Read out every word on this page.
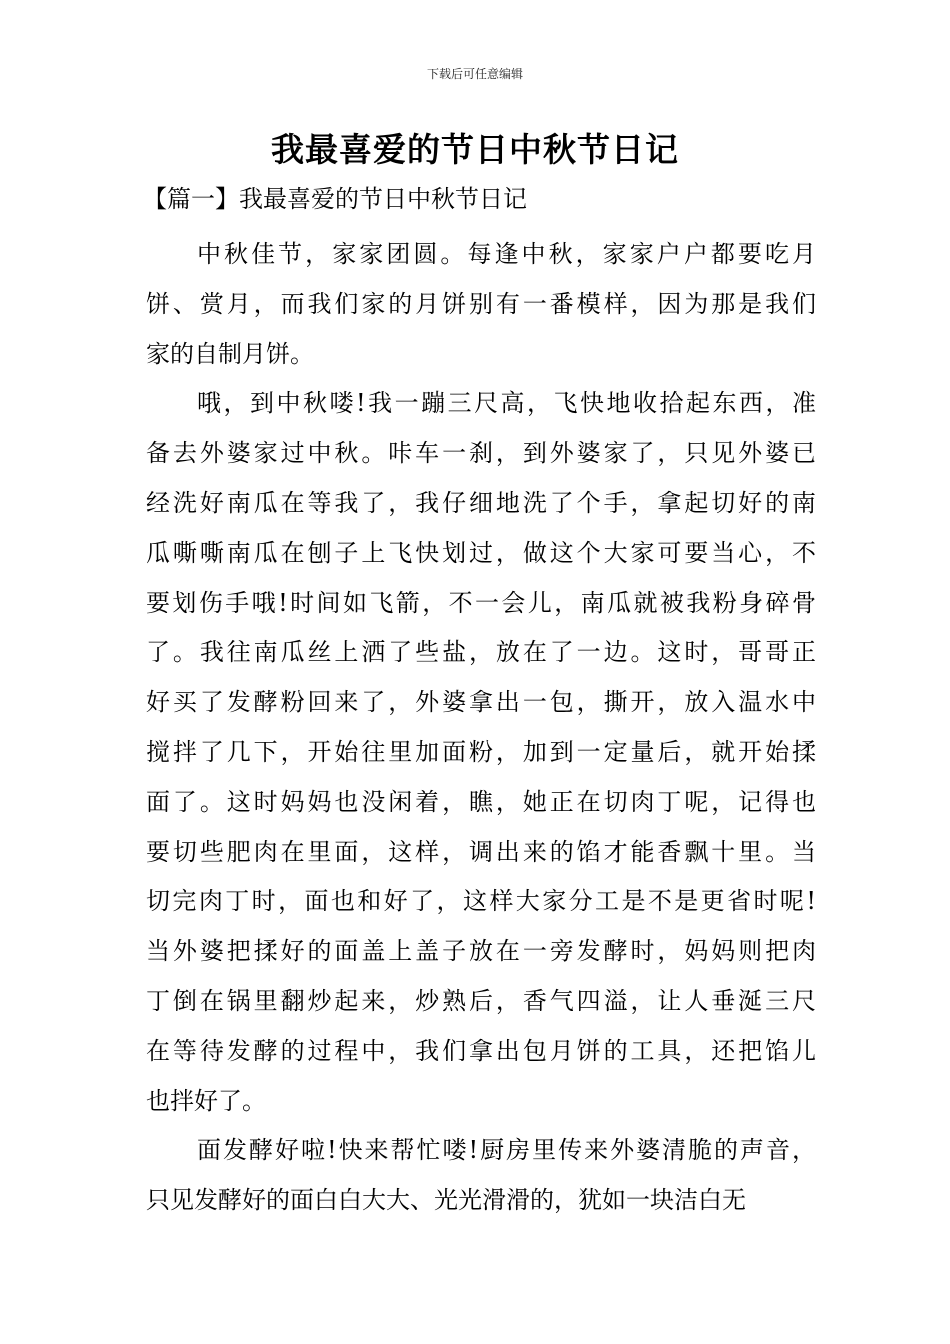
下载后可任意编辑
我最喜爱的节日中秋节日记
【篇一】我最喜爱的节日中秋节日记
中秋佳节，家家团圆。每逢中秋，家家户户都要吃月
饼、赏月，而我们家的月饼别有一番模样，因为那是我们
家的自制月饼。
哦，到中秋喽!我一蹦三尺高，飞快地收拾起东西，准
备去外婆家过中秋。咔车一刹，到外婆家了，只见外婆已
经洗好南瓜在等我了，我仔细地洗了个手，拿起切好的南
瓜嘶嘶南瓜在刨子上飞快划过，做这个大家可要当心，不
要划伤手哦!时间如飞箭，不一会儿，南瓜就被我粉身碎骨
了。我往南瓜丝上洒了些盐，放在了一边。这时，哥哥正
好买了发酵粉回来了，外婆拿出一包，撕开，放入温水中
搅拌了几下，开始往里加面粉，加到一定量后，就开始揉
面了。这时妈妈也没闲着，瞧，她正在切肉丁呢，记得也
要切些肥肉在里面，这样，调出来的馅才能香飘十里。当
切完肉丁时，面也和好了，这样大家分工是不是更省时呢!
当外婆把揉好的面盖上盖子放在一旁发酵时，妈妈则把肉
丁倒在锅里翻炒起来，炒熟后，香气四溢，让人垂涎三尺
在等待发酵的过程中，我们拿出包月饼的工具，还把馅儿
也拌好了。
面发酵好啦!快来帮忙喽!厨房里传来外婆清脆的声音，
只见发酵好的面白白大大、光光滑滑的，犹如一块洁白无
